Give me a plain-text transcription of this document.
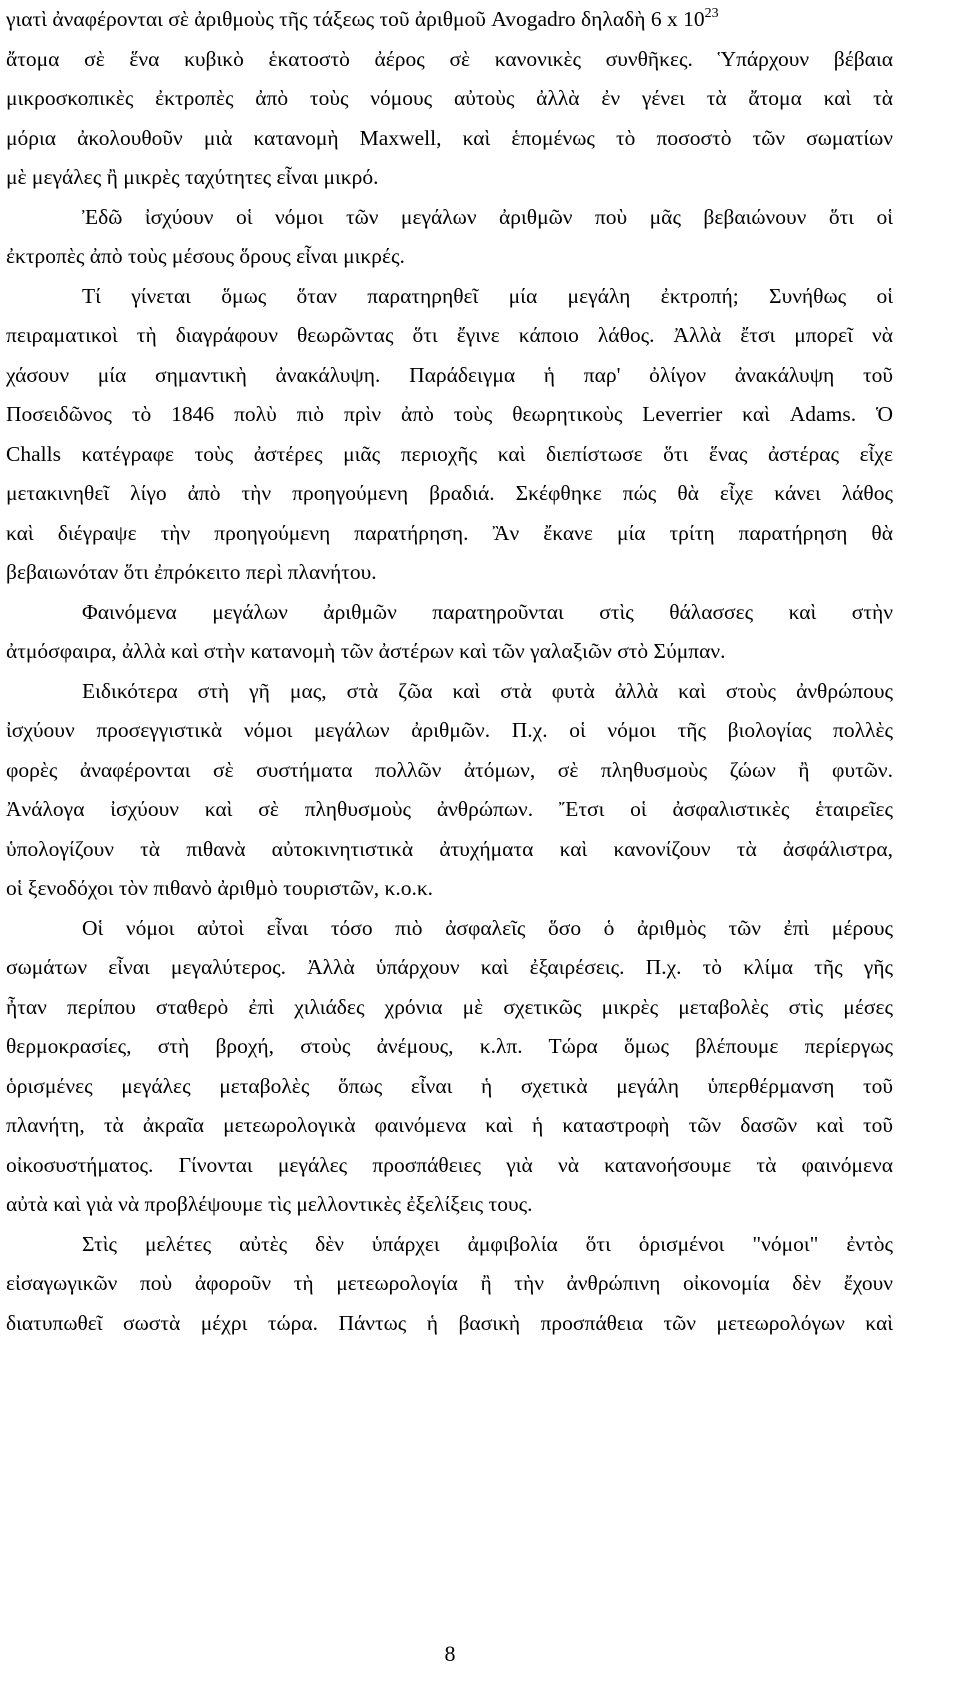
γιατὶ ἀναφέρονται σὲ ἀριθμοὺς τῆς τάξεως τοῦ ἀριθμοῦ Avogadro δηλαδὴ 6 x $10^{23}$
ἄτομα σὲ ἕνα κυβικὸ ἑκατοστὸ ἀέρος σὲ κανονικὲς συνθῆκες. Ὑπάρχουν βέβαια
μικροσκοπικὲς ἐκτροπὲς ἀπὸ τοὺς νόμους αὐτοὺς ἀλλὰ ἐν γένει τὰ ἄτομα καὶ τὰ
μόρια ἀκολουθοῦν μιὰ κατανομὴ Maxwell, καὶ ἑπομένως τὸ ποσοστὸ τῶν σωματίων
μὲ μεγάλες ἢ μικρὲς ταχύτητες εἶναι μικρό.
Ἐδῶ ἰσχύουν οἱ νόμοι τῶν μεγάλων ἀριθμῶν ποὺ μᾶς βεβαιώνουν ὅτι οἱ
ἐκτροπὲς ἀπὸ τοὺς μέσους ὅρους εἶναι μικρές.
Τί γίνεται ὅμως ὅταν παρατηρηθεῖ μία μεγάλη ἐκτροπή; Συνήθως οἱ
πειραματικοὶ τὴ διαγράφουν θεωρῶντας ὅτι ἔγινε κάποιο λάθος. Ἀλλὰ ἔτσι μπορεῖ νὰ
χάσουν μία σημαντικὴ ἀνακάλυψη. Παράδειγμα ἡ παρ' ὀλίγον ἀνακάλυψη τοῦ
Ποσειδῶνος τὸ 1846 πολὺ πιὸ πρὶν ἀπὸ τοὺς θεωρητικοὺς Leverrier καὶ Adams. Ὁ
Challs κατέγραφε τοὺς ἀστέρες μιᾶς περιοχῆς καὶ διεπίστωσε ὅτι ἕνας ἀστέρας εἶχε
μετακινηθεῖ λίγο ἀπὸ τὴν προηγούμενη βραδιά. Σκέφθηκε πώς θὰ εἶχε κάνει λάθος
καὶ διέγραψε τὴν προηγούμενη παρατήρηση. Ἂν ἔκανε μία τρίτη παρατήρηση θὰ
βεβαιωνόταν ὅτι ἐπρόκειτο περὶ πλανήτου.
Φαινόμενα μεγάλων ἀριθμῶν παρατηροῦνται στὶς θάλασσες καὶ στὴν
ἀτμόσφαιρα, ἀλλὰ καὶ στὴν κατανομὴ τῶν ἀστέρων καὶ τῶν γαλαξιῶν στὸ Σύμπαν.
Ειδικότερα στὴ γῆ μας, στὰ ζῶα καὶ στὰ φυτὰ ἀλλὰ καὶ στοὺς ἀνθρώπους
ἰσχύουν προσεγγιστικὰ νόμοι μεγάλων ἀριθμῶν. Π.χ. οἱ νόμοι τῆς βιολογίας πολλὲς
φορὲς ἀναφέρονται σὲ συστήματα πολλῶν ἀτόμων, σὲ πληθυσμοὺς ζώων ἢ φυτῶν.
Ἀνάλογα ἰσχύουν καὶ σὲ πληθυσμοὺς ἀνθρώπων. Ἔτσι οἱ ἀσφαλιστικὲς ἑταιρεῖες
ὑπολογίζουν τὰ πιθανὰ αὐτοκινητιστικὰ ἀτυχήματα καὶ κανονίζουν τὰ ἀσφάλιστρα,
οἱ ξενοδόχοι τὸν πιθανὸ ἀριθμὸ τουριστῶν, κ.ο.κ.
Οἱ νόμοι αὐτοὶ εἶναι τόσο πιὸ ἀσφαλεῖς ὅσο ὁ ἀριθμὸς τῶν ἐπὶ μέρους
σωμάτων εἶναι μεγαλύτερος. Ἀλλὰ ὑπάρχουν καὶ ἐξαιρέσεις. Π.χ. τὸ κλίμα τῆς γῆς
ἦταν περίπου σταθερὸ ἐπὶ χιλιάδες χρόνια μὲ σχετικῶς μικρὲς μεταβολὲς στὶς μέσες
θερμοκρασίες, στὴ βροχή, στοὺς ἀνέμους, κ.λπ. Τώρα ὅμως βλέπουμε περίεργως
ὁρισμένες μεγάλες μεταβολὲς ὅπως εἶναι ἡ σχετικὰ μεγάλη ὑπερθέρμανση τοῦ
πλανήτη, τὰ ἀκραῖα μετεωρολογικὰ φαινόμενα καὶ ἡ καταστροφὴ τῶν δασῶν καὶ τοῦ
οἰκοσυστήματος. Γίνονται μεγάλες προσπάθειες γιὰ νὰ κατανοήσουμε τὰ φαινόμενα
αὐτὰ καὶ γιὰ νὰ προβλέψουμε τὶς μελλοντικὲς ἐξελίξεις τους.
Στὶς μελέτες αὐτὲς δὲν ὑπάρχει ἀμφιβολία ὅτι ὁρισμένοι "νόμοι" ἐντὸς
εἰσαγωγικῶν ποὺ ἀφοροῦν τὴ μετεωρολογία ἢ τὴν ἀνθρώπινη οἰκονομία δὲν ἔχουν
διατυπωθεῖ σωστὰ μέχρι τώρα. Πάντως ἡ βασικὴ προσπάθεια τῶν μετεωρολόγων καὶ
8
